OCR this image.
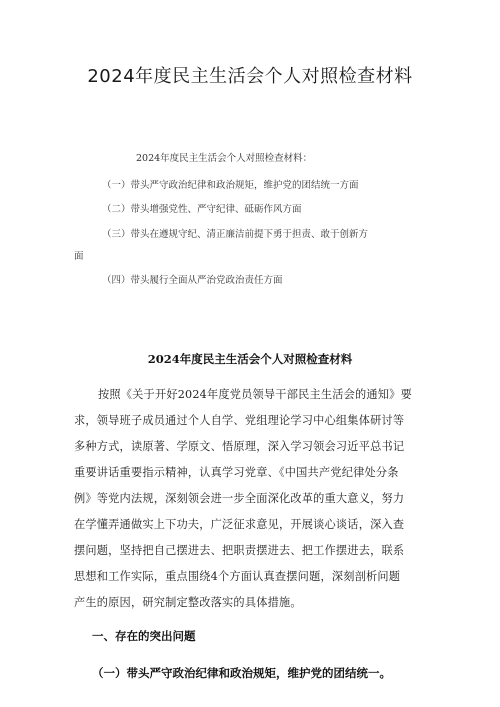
2024年度民主生活会个人对照检查材料
2024年度民主生活会个人对照检查材料：
（一）带头严守政治纪律和政治规矩，维护党的团结统一方面
（二）带头增强党性、严守纪律、砥砺作风方面
（三）带头在遵规守纪、清正廉洁前提下勇于担责、敢于创新方
面
（四）带头履行全面从严治党政治责任方面
2024年度民主生活会个人对照检查材料
按照《关于开好2024年度党员领导干部民主生活会的通知》要
求，领导班子成员通过个人自学、党组理论学习中心组集体研讨等
多种方式，读原著、学原文、悟原理，深入学习领会习近平总书记
重要讲话重要指示精神，认真学习党章、《中国共产党纪律处分条
例》等党内法规，深刻领会进一步全面深化改革的重大意义，努力
在学懂弄通做实上下功夫，广泛征求意见，开展谈心谈话，深入查
摆问题，坚持把自己摆进去、把职责摆进去、把工作摆进去，联系
思想和工作实际，重点围绕4个方面认真查摆问题，深刻剖析问题
产生的原因，研究制定整改落实的具体措施。
一、存在的突出问题
（一）带头严守政治纪律和政治规矩，维护党的团结统一。
